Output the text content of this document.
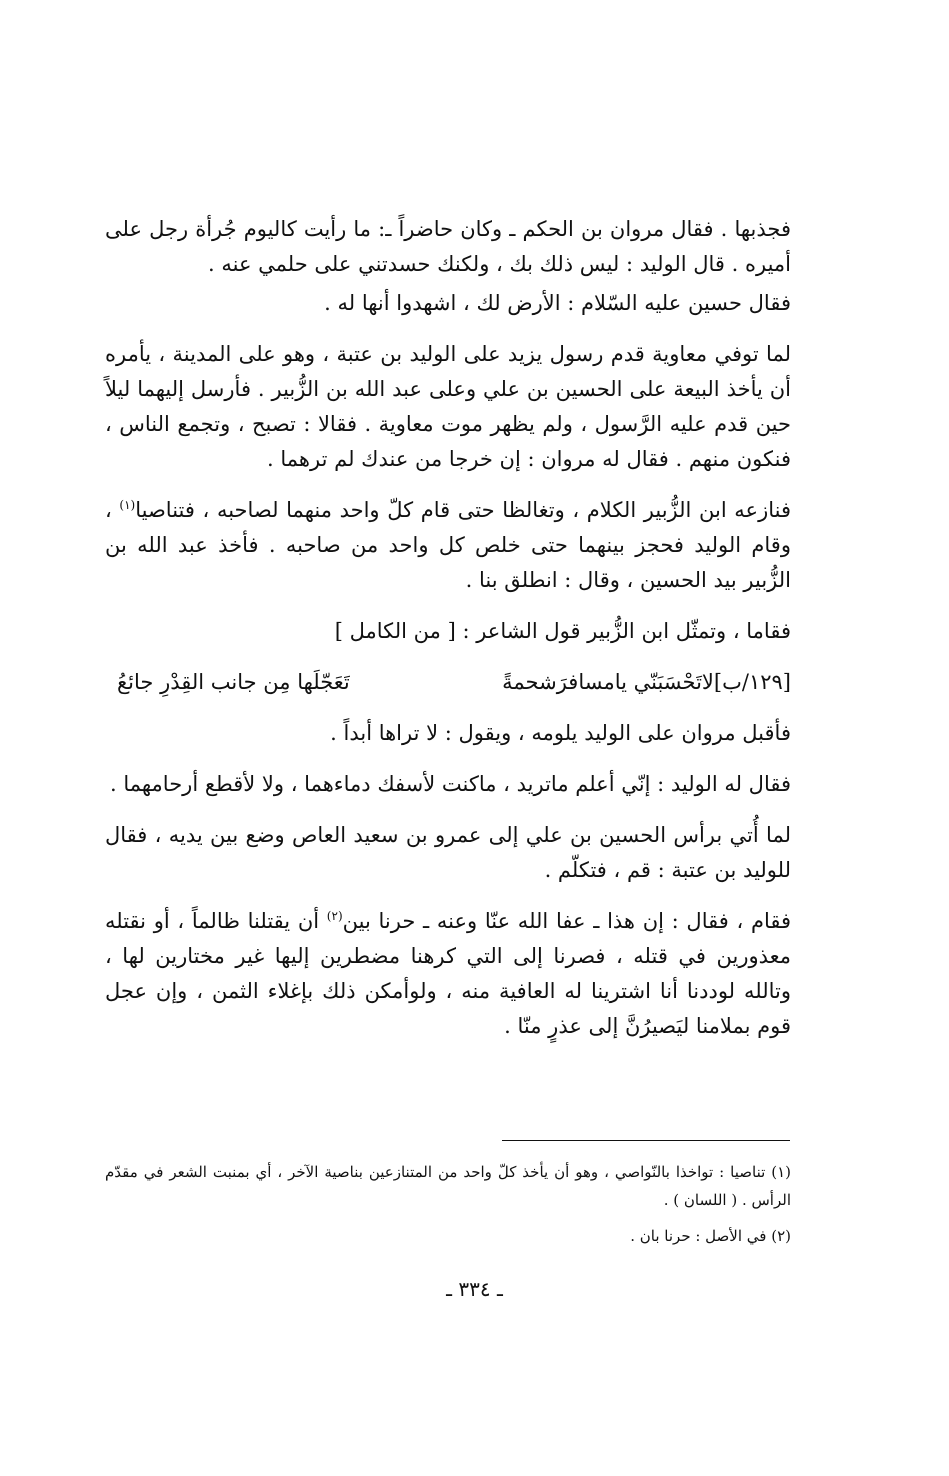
فجذبها . فقال مروان بن الحكم ـ وكان حاضراً ـ: ما رأيت كاليوم جُرأة رجل على أميره . قال الوليد : ليس ذلك بك ، ولكنك حسدتني على حلمي عنه .

فقال حسين عليه السّلام : الأرض لك ، اشهدوا أنها له .

لما توفي معاوية قدم رسول يزيد على الوليد بن عتبة ، وهو على المدينة ، يأمره أن يأخذ البيعة على الحسين بن علي وعلى عبد الله بن الزُّبير . فأرسل إليهما ليلاً حين قدم عليه الرَّسول ، ولم يظهر موت معاوية . فقالا : تصبح ، وتجمع الناس ، فنكون منهم . فقال له مروان : إن خرجا من عندك لم ترهما .

فنازعه ابن الزُّبير الكلام ، وتغالظا حتى قام كلّ واحد منهما لصاحبه ، فتناصيا$^{(١)}$ ، وقام الوليد فحجز بينهما حتى خلص كل واحد من صاحبه . فأخذ عبد الله بن الزُّبير بيد الحسين ، وقال : انطلق بنا .

فقاما ، وتمثّل ابن الزُّبير قول الشاعر : [ من الكامل ]

[١٢٩/ب]لاتَحْسَبَنّي يامسافرَشحمةً
تَعَجّلَها مِن جانب القِدْرِ جائعُ

فأقبل مروان على الوليد يلومه ، ويقول : لا تراها أبداً .

فقال له الوليد : إنّي أعلم ماتريد ، ماكنت لأسفك دماءهما ، ولا لأقطع أرحامهما .

لما أُتي برأس الحسين بن علي إلى عمرو بن سعيد العاص وضع بين يديه ، فقال للوليد بن عتبة : قم ، فتكلّم .

فقام ، فقال : إن هذا ـ عفا الله عنّا وعنه ـ حرنا بين$^{(٢)}$ أن يقتلنا ظالماً ، أو نقتله معذورين في قتله ، فصرنا إلى التي كرهنا مضطرين إليها غير مختارين لها ، وتالله لوددنا أنا اشترينا له العافية منه ، ولوأمكن ذلك بإغلاء الثمن ، وإن عجل قوم بملامنا ليَصيرُنَّ إلى عذرٍ منّا .

(١) تناصيا : تواخذا بالنّواصي ، وهو أن يأخذ كلّ واحد من المتنازعين بناصية الآخر ، أي بمنبت الشعر في مقدّم الرأس . ( اللسان ) .

(٢) في الأصل : حرنا بان .

ـ ٣٣٤ ـ
